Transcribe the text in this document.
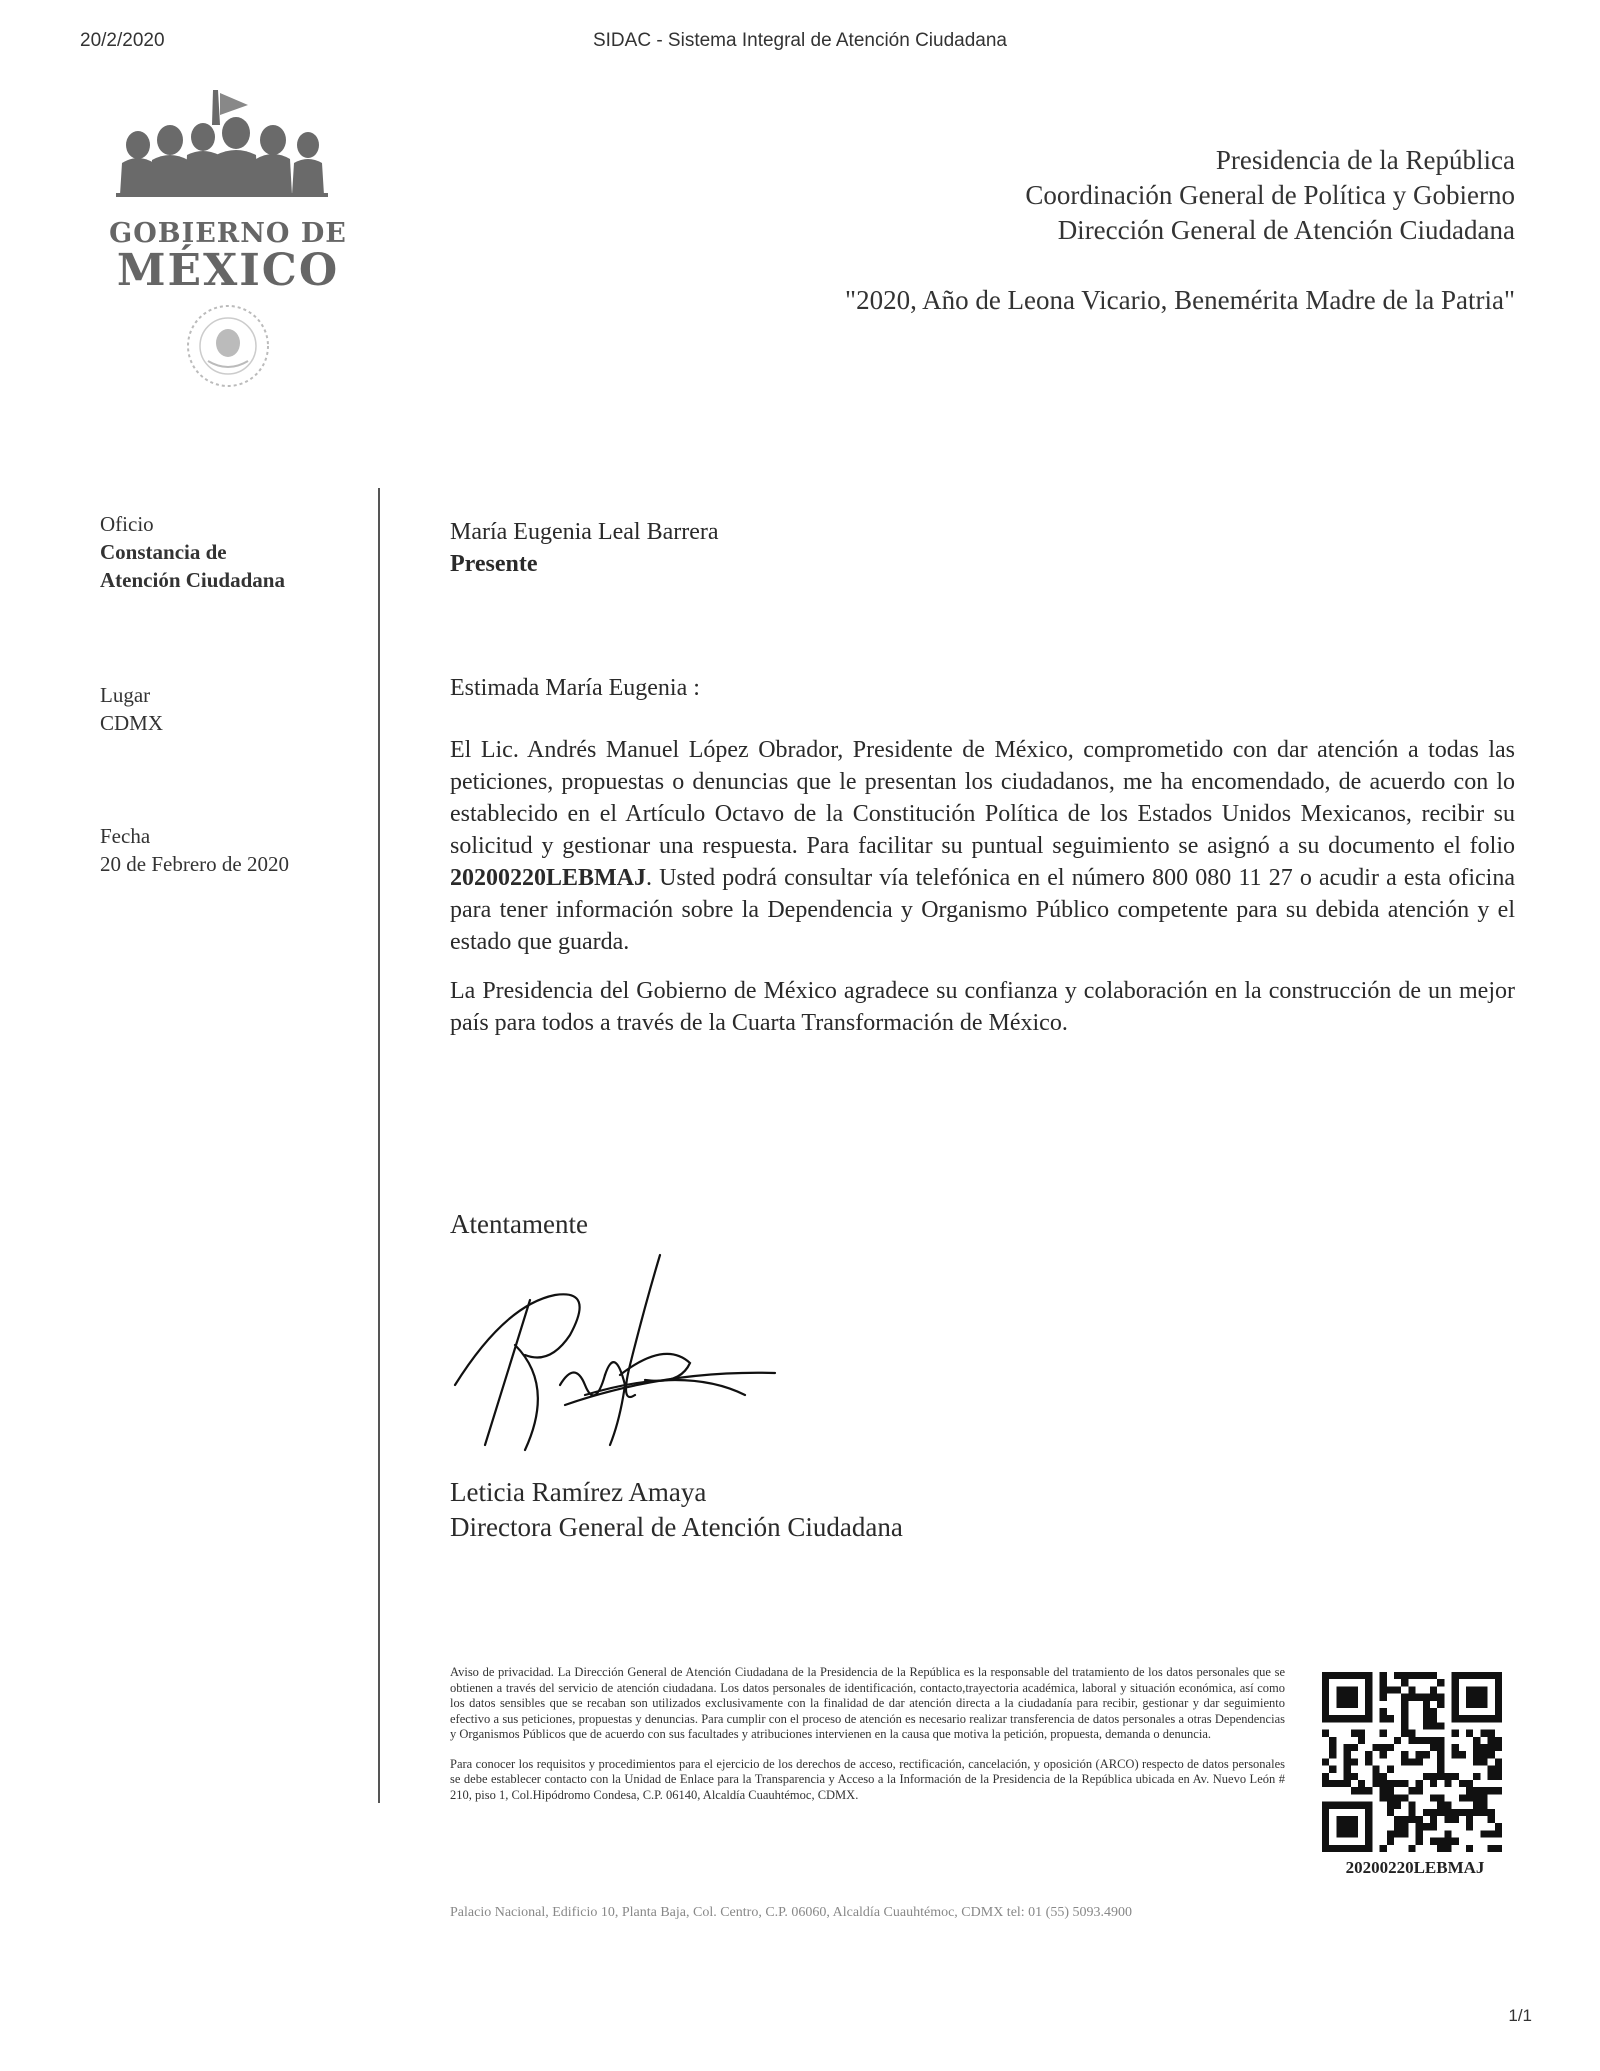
20/2/2020	SIDAC - Sistema Integral de Atención Ciudadana
GOBIERNO DE
MÉXICO
Presidencia de la República
Coordinación General de Política y Gobierno
Dirección General de Atención Ciudadana
"2020, Año de Leona Vicario, Benemérita Madre de la Patria"
Oficio
Constancia de
Atención Ciudadana
Lugar
CDMX
Fecha
20 de Febrero de 2020
María Eugenia Leal Barrera
Presente
Estimada María Eugenia :
El Lic. Andrés Manuel López Obrador, Presidente de México, comprometido con dar atención a todas las peticiones, propuestas o denuncias que le presentan los ciudadanos, me ha encomendado, de acuerdo con lo establecido en el Artículo Octavo de la Constitución Política de los Estados Unidos Mexicanos, recibir su solicitud y gestionar una respuesta. Para facilitar su puntual seguimiento se asignó a su documento el folio 20200220LEBMAJ. Usted podrá consultar vía telefónica en el número 800 080 11 27 o acudir a esta oficina para tener información sobre la Dependencia y Organismo Público competente para su debida atención y el estado que guarda.
La Presidencia del Gobierno de México agradece su confianza y colaboración en la construcción de un mejor país para todos a través de la Cuarta Transformación de México.
Atentamente
Leticia Ramírez Amaya
Directora General de Atención Ciudadana

Aviso de privacidad. La Dirección General de Atención Ciudadana de la Presidencia de la República es la responsable del tratamiento de los datos personales que se obtienen a través del servicio de atención ciudadana. Los datos personales de identificación, contacto,trayectoria académica, laboral y situación económica, así como los datos sensibles que se recaban son utilizados exclusivamente con la finalidad de dar atención directa a la ciudadanía para recibir, gestionar y dar seguimiento efectivo a sus peticiones, propuestas y denuncias. Para cumplir con el proceso de atención es necesario realizar transferencia de datos personales a otras Dependencias y Organismos Públicos que de acuerdo con sus facultades y atribuciones intervienen en la causa que motiva la petición, propuesta, demanda o denuncia.

Para conocer los requisitos y procedimientos para el ejercicio de los derechos de acceso, rectificación, cancelación, y oposición (ARCO) respecto de datos personales se debe establecer contacto con la Unidad de Enlace para la Transparencia y Acceso a la Información de la Presidencia de la República ubicada en Av. Nuevo León # 210, piso 1, Col.Hipódromo Condesa, C.P. 06140, Alcaldía Cuauhtémoc, CDMX.

20200220LEBMAJ
Palacio Nacional, Edificio 10, Planta Baja, Col. Centro, C.P. 06060, Alcaldía Cuauhtémoc, CDMX tel: 01 (55) 5093.4900
1/1
